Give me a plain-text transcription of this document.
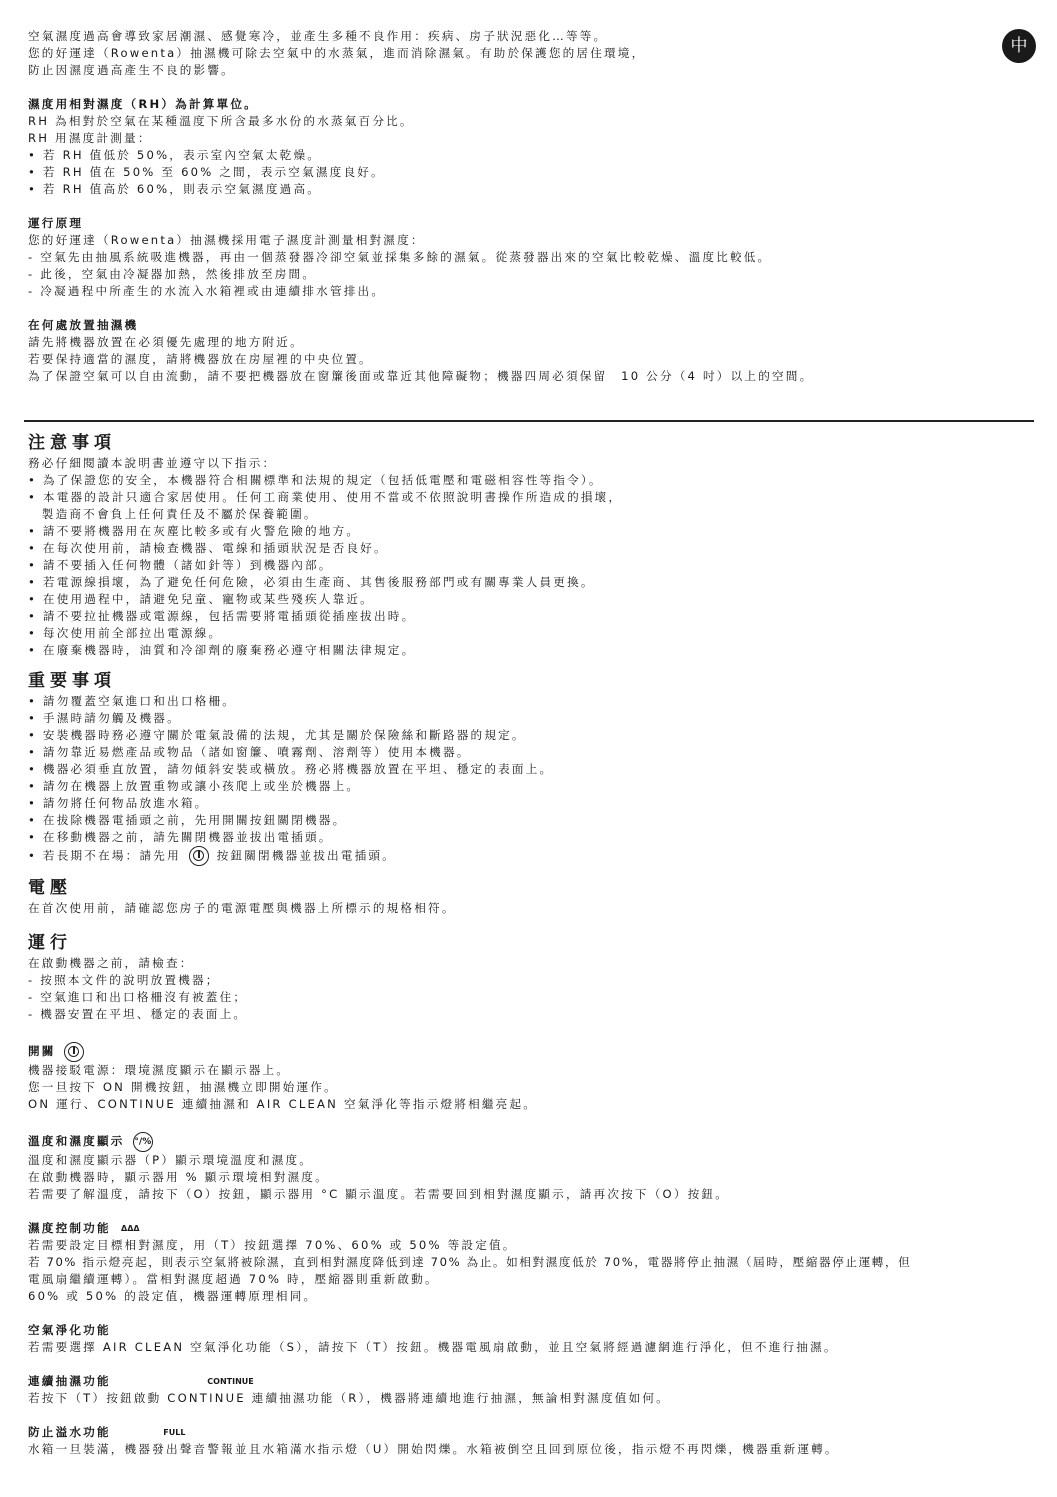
中

空氣濕度過高會導致家居潮濕、感覺寒冷，並產生多種不良作用：疾病、房子狀況惡化…等等。

您的好運達（Rowenta）抽濕機可除去空氣中的水蒸氣，進而消除濕氣。有助於保護您的居住環境，

防止因濕度過高產生不良的影響。

濕度用相對濕度（RH）為計算單位。

RH 為相對於空氣在某種溫度下所含最多水份的水蒸氣百分比。

RH 用濕度計測量：

• 若 RH 值低於 50%，表示室內空氣太乾燥。

• 若 RH 值在 50% 至 60% 之間，表示空氣濕度良好。

• 若 RH 值高於 60%，則表示空氣濕度過高。

運行原理

您的好運達（Rowenta）抽濕機採用電子濕度計測量相對濕度：

- 空氣先由抽風系統吸進機器，再由一個蒸發器冷卻空氣並採集多餘的濕氣。從蒸發器出來的空氣比較乾燥、溫度比較低。

- 此後，空氣由冷凝器加熱，然後排放至房間。

- 冷凝過程中所產生的水流入水箱裡或由連續排水管排出。

在何處放置抽濕機

請先將機器放置在必須優先處理的地方附近。

若要保持適當的濕度，請將機器放在房屋裡的中央位置。

為了保證空氣可以自由流動，請不要把機器放在窗簾後面或靠近其他障礙物；機器四周必須保留　10 公分（4 吋）以上的空間。

注意事項

務必仔細閱讀本說明書並遵守以下指示：

• 為了保證您的安全，本機器符合相關標準和法規的規定（包括低電壓和電磁相容性等指令）。

• 本電器的設計只適合家居使用。任何工商業使用、使用不當或不依照說明書操作所造成的損壞，

　製造商不會負上任何責任及不屬於保養範圍。

• 請不要將機器用在灰塵比較多或有火警危險的地方。

• 在每次使用前，請檢查機器、電線和插頭狀況是否良好。

• 請不要插入任何物體（諸如針等）到機器內部。

• 若電源線損壞，為了避免任何危險，必須由生產商、其售後服務部門或有關專業人員更換。

• 在使用過程中，請避免兒童、寵物或某些殘疾人靠近。

• 請不要拉扯機器或電源線，包括需要將電插頭從插座拔出時。

• 每次使用前全部拉出電源線。

• 在廢棄機器時，油質和冷卻劑的廢棄務必遵守相關法律規定。

重要事項

• 請勿覆蓋空氣進口和出口格柵。

• 手濕時請勿觸及機器。

• 安裝機器時務必遵守關於電氣設備的法規，尤其是關於保險絲和斷路器的規定。

• 請勿靠近易燃產品或物品（諸如窗簾、噴霧劑、溶劑等）使用本機器。

• 機器必須垂直放置，請勿傾斜安裝或橫放。務必將機器放置在平坦、穩定的表面上。

• 請勿在機器上放置重物或讓小孩爬上或坐於機器上。

• 請勿將任何物品放進水箱。

• 在拔除機器電插頭之前，先用開關按鈕關閉機器。

• 在移動機器之前，請先關閉機器並拔出電插頭。

• 若長期不在場：請先用	按鈕關閉機器並拔出電插頭。

電壓

在首次使用前，請確認您房子的電源電壓與機器上所標示的規格相符。

運行

在啟動機器之前，請檢查：

- 按照本文件的說明放置機器；

- 空氣進口和出口格柵沒有被蓋住；

- 機器安置在平坦、穩定的表面上。

開關

機器接駁電源：環境濕度顯示在顯示器上。

您一旦按下 ON 開機按鈕，抽濕機立即開始運作。

ON 運行、CONTINUE 連續抽濕和 AIR CLEAN 空氣淨化等指示燈將相繼亮起。

溫度和濕度顯示 °/%

溫度和濕度顯示器（P）顯示環境溫度和濕度。

在啟動機器時，顯示器用 % 顯示環境相對濕度。

若需要了解溫度，請按下（O）按鈕，顯示器用 °C 顯示溫度。若需要回到相對濕度顯示，請再次按下（O）按鈕。

濕度控制功能 ᐃᐃᐃ

若需要設定目標相對濕度，用（T）按鈕選擇 70%、60% 或 50% 等設定值。

若 70% 指示燈亮起，則表示空氣將被除濕，直到相對濕度降低到達 70% 為止。如相對濕度低於 70%，電器將停止抽濕（屆時，壓縮器停止運轉，但

電風扇繼續運轉）。當相對濕度超過 70% 時，壓縮器則重新啟動。

60% 或 50% 的設定值，機器運轉原理相同。

空氣淨化功能

若需要選擇 AIR CLEAN 空氣淨化功能（S），請按下（T）按鈕。機器電風扇啟動，並且空氣將經過濾網進行淨化，但不進行抽濕。

連續抽濕功能	CONTINUE

若按下（T）按鈕啟動 CONTINUE 連續抽濕功能（R），機器將連續地進行抽濕，無論相對濕度值如何。

防止溢水功能	FULL

水箱一旦裝滿，機器發出聲音警報並且水箱滿水指示燈（U）開始閃爍。水箱被倒空且回到原位後，指示燈不再閃爍，機器重新運轉。
